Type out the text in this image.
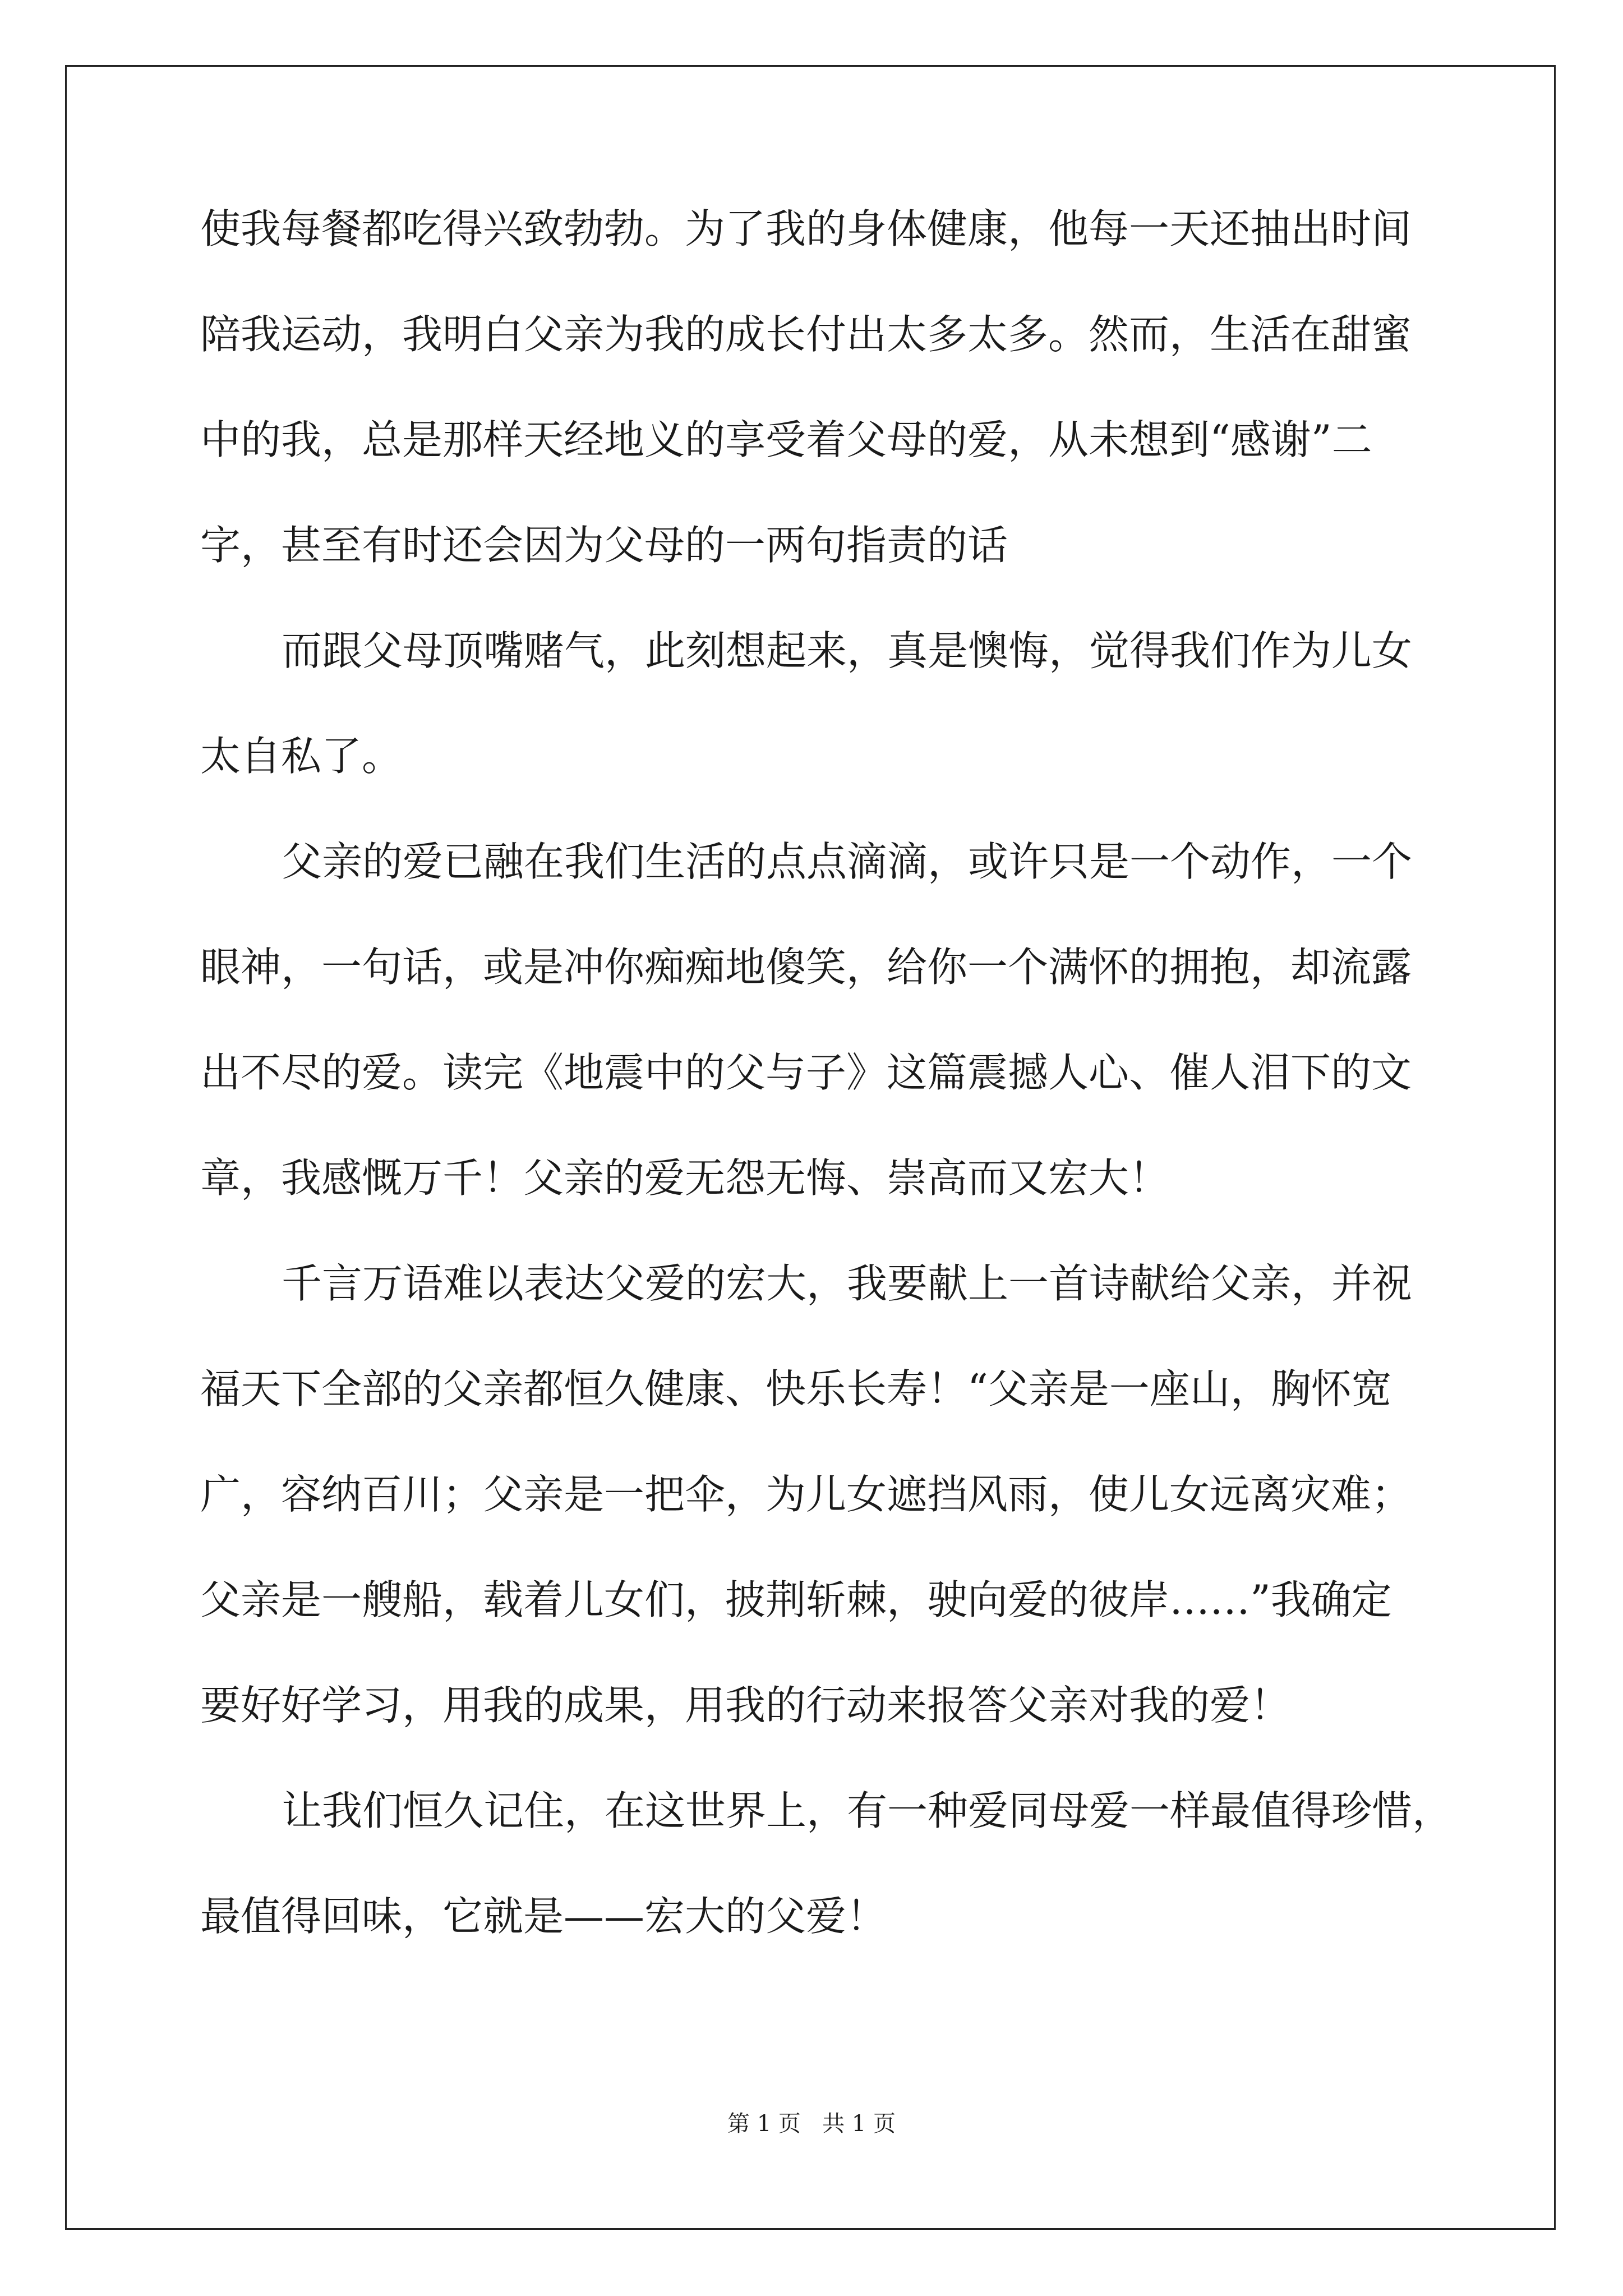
使我每餐都吃得兴致勃勃。为了我的身体健康，他每一天还抽出时间
陪我运动，我明白父亲为我的成长付出太多太多。然而，生活在甜蜜
中的我，总是那样天经地义的享受着父母的爱，从未想到“感谢”二
字，甚至有时还会因为父母的一两句指责的话
而跟父母顶嘴赌气，此刻想起来，真是懊悔，觉得我们作为儿女
太自私了。
父亲的爱已融在我们生活的点点滴滴，或许只是一个动作，一个
眼神，一句话，或是冲你痴痴地傻笑，给你一个满怀的拥抱，却流露
出不尽的爱。读完《地震中的父与子》这篇震撼人心、催人泪下的文
章，我感慨万千！父亲的爱无怨无悔、崇高而又宏大！
千言万语难以表达父爱的宏大，我要献上一首诗献给父亲，并祝
福天下全部的父亲都恒久健康、快乐长寿！“父亲是一座山，胸怀宽
广，容纳百川；父亲是一把伞，为儿女遮挡风雨，使儿女远离灾难；
父亲是一艘船，载着儿女们，披荆斩棘，驶向爱的彼岸……”我确定
要好好学习，用我的成果，用我的行动来报答父亲对我的爱！
让我们恒久记住，在这世界上，有一种爱同母爱一样最值得珍惜，
最值得回味，它就是——宏大的父爱！
第 1 页   共 1 页
